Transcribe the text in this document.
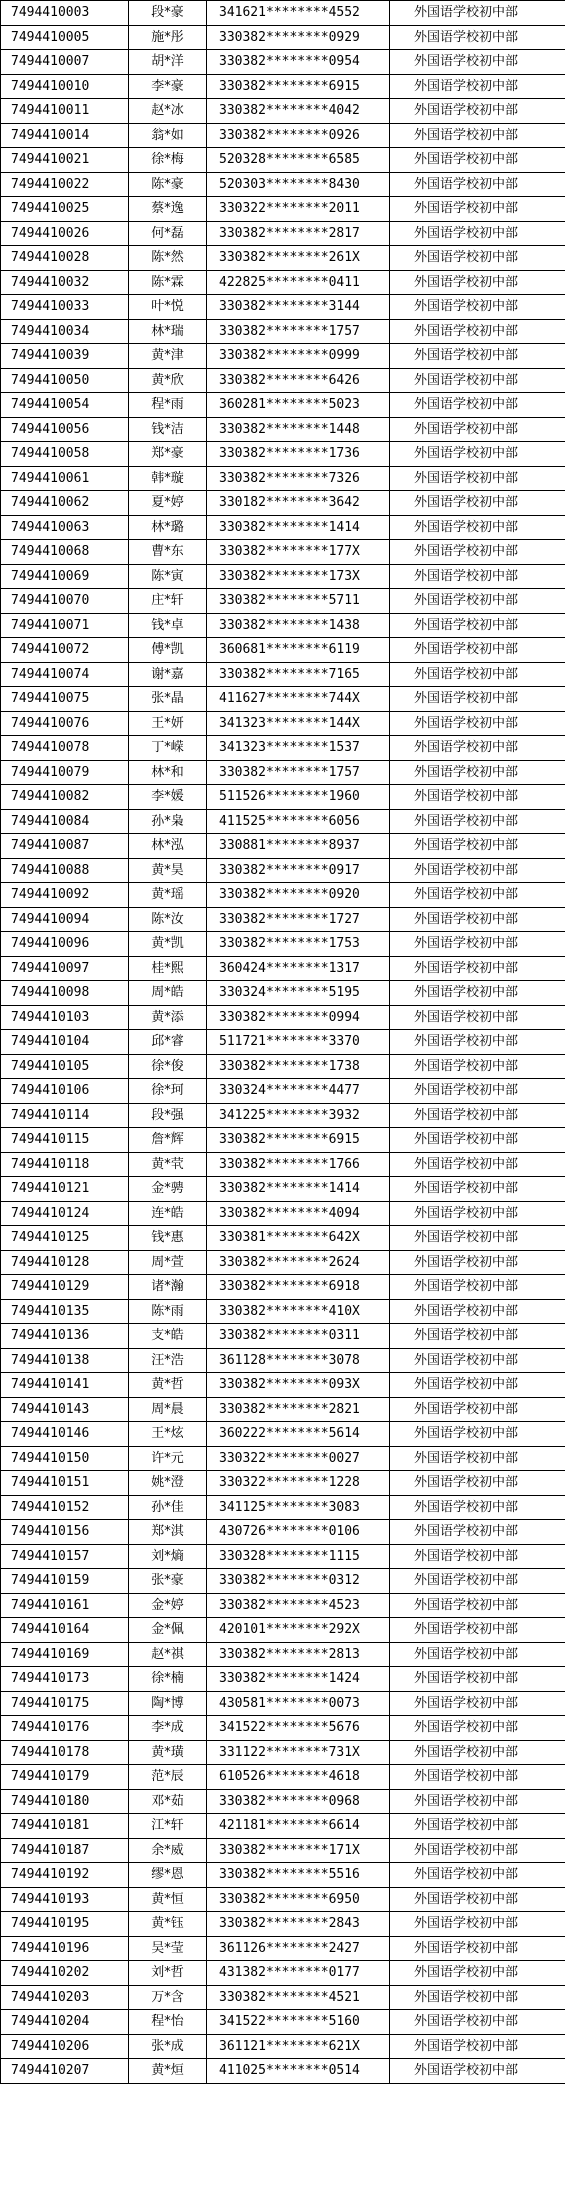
7494410003	段*豪	341621********4552	外国语学校初中部
7494410005	施*彤	330382********0929	外国语学校初中部
7494410007	胡*洋	330382********0954	外国语学校初中部
7494410010	李*豪	330382********6915	外国语学校初中部
7494410011	赵*冰	330382********4042	外国语学校初中部
7494410014	翁*如	330382********0926	外国语学校初中部
7494410021	徐*梅	520328********6585	外国语学校初中部
7494410022	陈*豪	520303********8430	外国语学校初中部
7494410025	蔡*逸	330322********2011	外国语学校初中部
7494410026	何*磊	330382********2817	外国语学校初中部
7494410028	陈*然	330382********261X	外国语学校初中部
7494410032	陈*霖	422825********0411	外国语学校初中部
7494410033	叶*悦	330382********3144	外国语学校初中部
7494410034	林*瑞	330382********1757	外国语学校初中部
7494410039	黄*津	330382********0999	外国语学校初中部
7494410050	黄*欣	330382********6426	外国语学校初中部
7494410054	程*雨	360281********5023	外国语学校初中部
7494410056	钱*洁	330382********1448	外国语学校初中部
7494410058	郑*豪	330382********1736	外国语学校初中部
7494410061	韩*璇	330382********7326	外国语学校初中部
7494410062	夏*婷	330182********3642	外国语学校初中部
7494410063	林*璐	330382********1414	外国语学校初中部
7494410068	曹*东	330382********177X	外国语学校初中部
7494410069	陈*寅	330382********173X	外国语学校初中部
7494410070	庄*轩	330382********5711	外国语学校初中部
7494410071	钱*卓	330382********1438	外国语学校初中部
7494410072	傅*凯	360681********6119	外国语学校初中部
7494410074	谢*嘉	330382********7165	外国语学校初中部
7494410075	张*晶	411627********744X	外国语学校初中部
7494410076	王*妍	341323********144X	外国语学校初中部
7494410078	丁*嵘	341323********1537	外国语学校初中部
7494410079	林*和	330382********1757	外国语学校初中部
7494410082	李*媛	511526********1960	外国语学校初中部
7494410084	孙*枭	411525********6056	外国语学校初中部
7494410087	林*泓	330881********8937	外国语学校初中部
7494410088	黄*昊	330382********0917	外国语学校初中部
7494410092	黄*瑶	330382********0920	外国语学校初中部
7494410094	陈*汝	330382********1727	外国语学校初中部
7494410096	黄*凯	330382********1753	外国语学校初中部
7494410097	桂*熙	360424********1317	外国语学校初中部
7494410098	周*皓	330324********5195	外国语学校初中部
7494410103	黄*添	330382********0994	外国语学校初中部
7494410104	邱*睿	511721********3370	外国语学校初中部
7494410105	徐*俊	330382********1738	外国语学校初中部
7494410106	徐*珂	330324********4477	外国语学校初中部
7494410114	段*强	341225********3932	外国语学校初中部
7494410115	詹*辉	330382********6915	外国语学校初中部
7494410118	黄*茕	330382********1766	外国语学校初中部
7494410121	金*骋	330382********1414	外国语学校初中部
7494410124	连*皓	330382********4094	外国语学校初中部
7494410125	钱*惠	330381********642X	外国语学校初中部
7494410128	周*萱	330382********2624	外国语学校初中部
7494410129	诸*瀚	330382********6918	外国语学校初中部
7494410135	陈*雨	330382********410X	外国语学校初中部
7494410136	支*皓	330382********0311	外国语学校初中部
7494410138	汪*浩	361128********3078	外国语学校初中部
7494410141	黄*哲	330382********093X	外国语学校初中部
7494410143	周*晨	330382********2821	外国语学校初中部
7494410146	王*炫	360222********5614	外国语学校初中部
7494410150	许*元	330322********0027	外国语学校初中部
7494410151	姚*澄	330322********1228	外国语学校初中部
7494410152	孙*佳	341125********3083	外国语学校初中部
7494410156	郑*淇	430726********0106	外国语学校初中部
7494410157	刘*熵	330328********1115	外国语学校初中部
7494410159	张*豪	330382********0312	外国语学校初中部
7494410161	金*婷	330382********4523	外国语学校初中部
7494410164	金*佩	420101********292X	外国语学校初中部
7494410169	赵*祺	330382********2813	外国语学校初中部
7494410173	徐*楠	330382********1424	外国语学校初中部
7494410175	陶*博	430581********0073	外国语学校初中部
7494410176	李*成	341522********5676	外国语学校初中部
7494410178	黄*璜	331122********731X	外国语学校初中部
7494410179	范*辰	610526********4618	外国语学校初中部
7494410180	邓*茹	330382********0968	外国语学校初中部
7494410181	江*轩	421181********6614	外国语学校初中部
7494410187	余*威	330382********171X	外国语学校初中部
7494410192	缪*恩	330382********5516	外国语学校初中部
7494410193	黄*恒	330382********6950	外国语学校初中部
7494410195	黄*钰	330382********2843	外国语学校初中部
7494410196	吴*莹	361126********2427	外国语学校初中部
7494410202	刘*哲	431382********0177	外国语学校初中部
7494410203	万*含	330382********4521	外国语学校初中部
7494410204	程*怡	341522********5160	外国语学校初中部
7494410206	张*成	361121********621X	外国语学校初中部
7494410207	黄*烜	411025********0514	外国语学校初中部
